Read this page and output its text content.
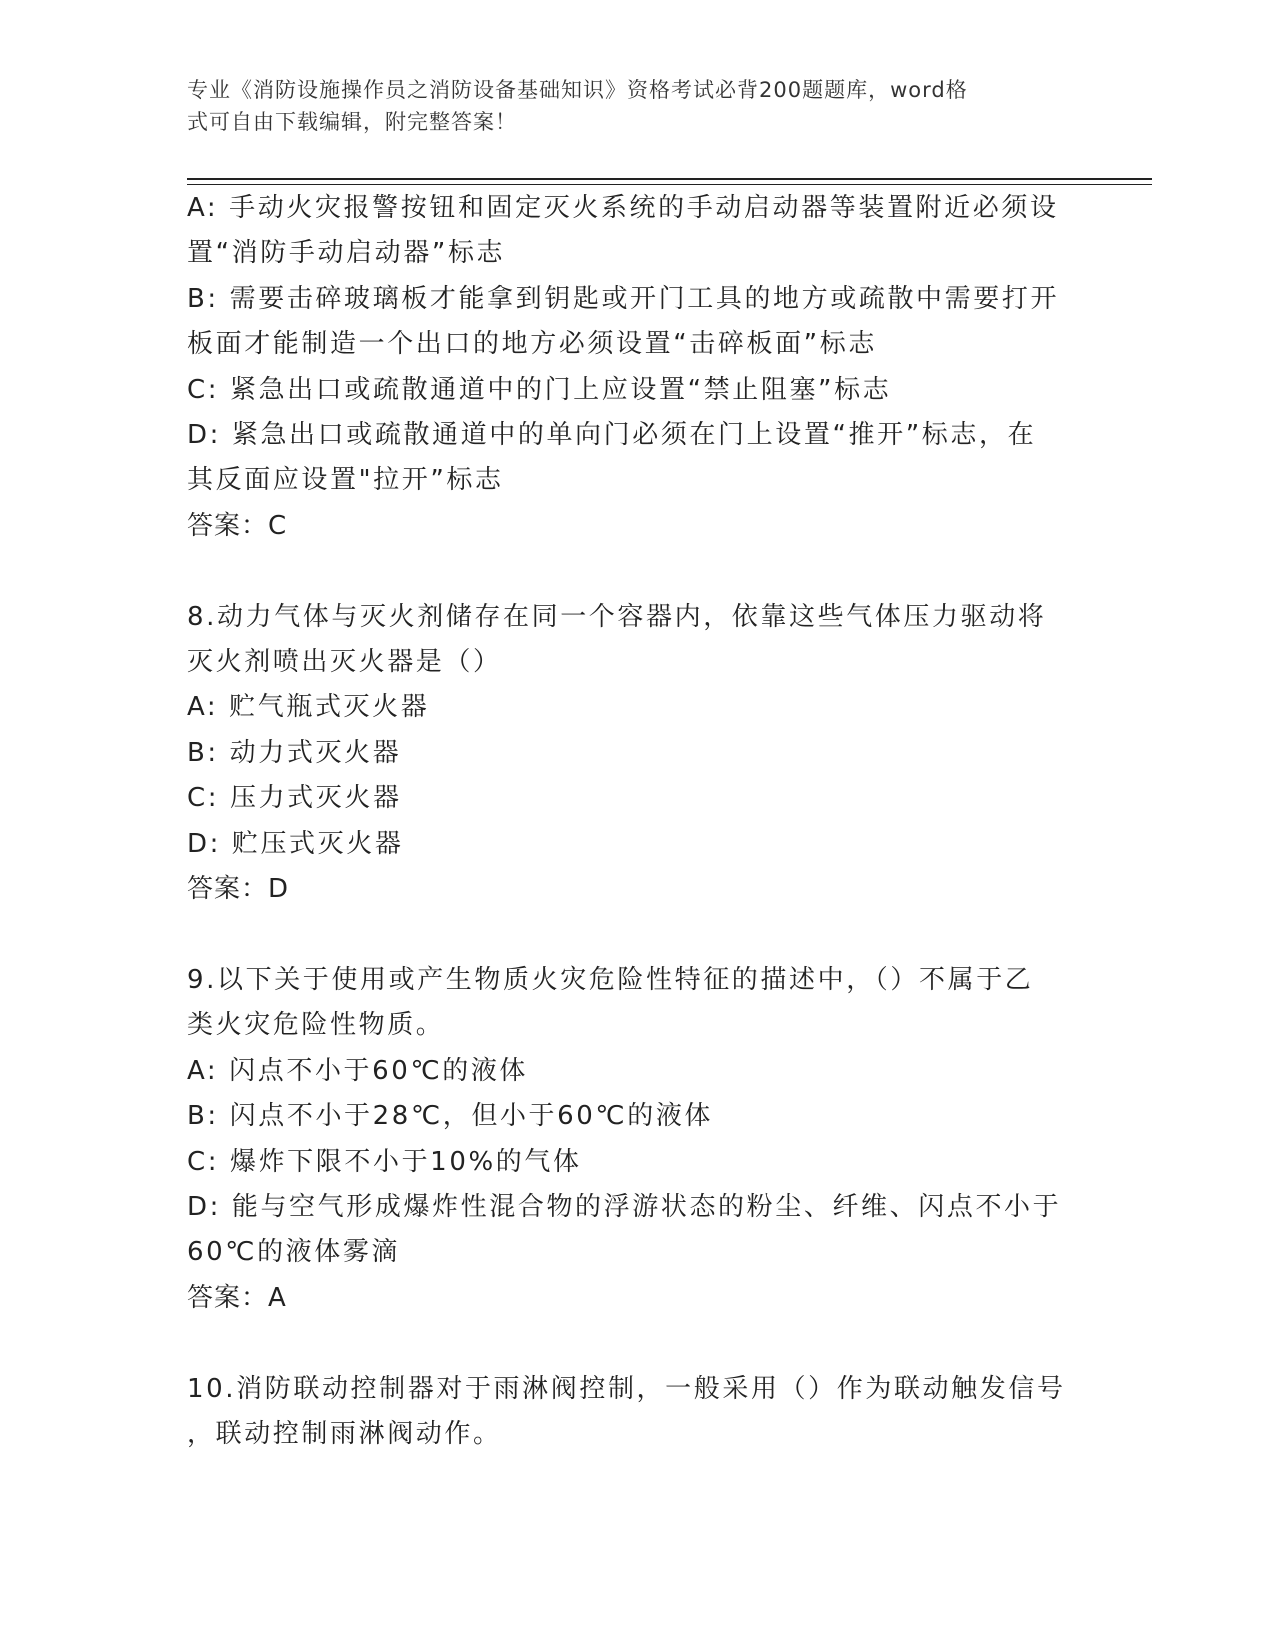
专业《消防设施操作员之消防设备基础知识》资格考试必背200题题库，word格
式可自由下载编辑，附完整答案！
A: 手动火灾报警按钮和固定灭火系统的手动启动器等装置附近必须设
置“消防手动启动器”标志
B: 需要击碎玻璃板才能拿到钥匙或开门工具的地方或疏散中需要打开
板面才能制造一个出口的地方必须设置“击碎板面”标志
C: 紧急出口或疏散通道中的门上应设置“禁止阻塞”标志
D: 紧急出口或疏散通道中的单向门必须在门上设置“推开”标志，在
其反面应设置"拉开”标志
答案：C
8.动力气体与灭火剂储存在同一个容器内，依靠这些气体压力驱动将
灭火剂喷出灭火器是（）
A: 贮气瓶式灭火器
B: 动力式灭火器
C: 压力式灭火器
D: 贮压式灭火器
答案：D
9.以下关于使用或产生物质火灾危险性特征的描述中，（）不属于乙
类火灾危险性物质。
A: 闪点不小于60℃的液体
B: 闪点不小于28℃，但小于60℃的液体
C: 爆炸下限不小于10%的气体
D: 能与空气形成爆炸性混合物的浮游状态的粉尘、纤维、闪点不小于
60℃的液体雾滴
答案：A
10.消防联动控制器对于雨淋阀控制，一般采用（）作为联动触发信号
，联动控制雨淋阀动作。
